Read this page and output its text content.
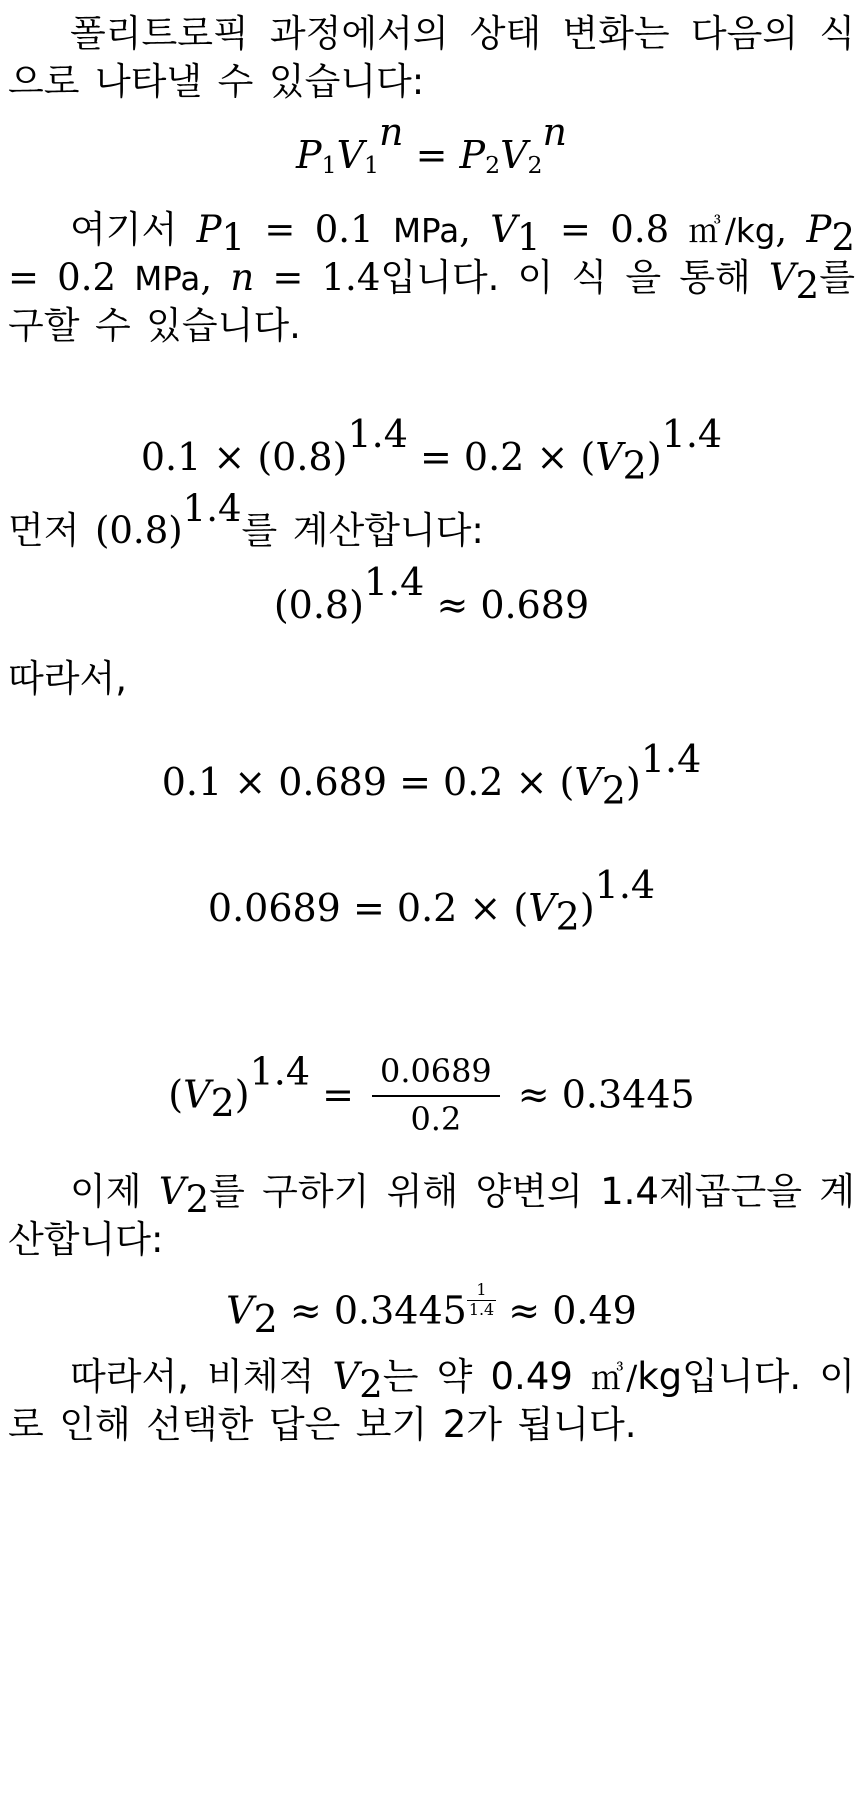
폴리트로픽 과정에서의 상태 변화는 다음의 식으로 나타낼 수 있습니다:

$P_1V_1^n = P_2V_2^n$

여기서 $P_1 = 0.1$ MPa, $V_1 = 0.8$ ㎥/kg, $P_2 = 0.2$ MPa, n = 1.4입니다. 이 식 을 통해 $V_2$를 구할 수 있습니다.

$0.1 \times (0.8)^{1.4} = 0.2 \times (V_2)^{1.4}$

먼저 $(0.8)^{1.4}$를 계산합니다:

$(0.8)^{1.4} \approx 0.689$

따라서,

$0.1 \times 0.689 = 0.2 \times (V_2)^{1.4}$
$0.0689 = 0.2 \times (V_2)^{1.4}$
$(V_2)^{1.4} = \frac{0.0689}{0.2} \approx 0.3445$

이제 $V_2$를 구하기 위해 양변의 1.4제곱근을 계산합니다:

$V_2 \approx 0.3445 \frac{1}{1.4} \approx 0.49$

따라서, 비체적 $V_2$는 약 0.49 ㎥/kg입니다. 이로 인해 선택한 답은 보기 2가 됩니다.
